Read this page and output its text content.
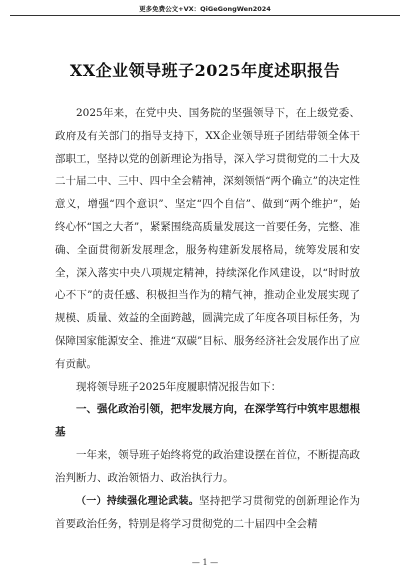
更多免费公文+VX：QiGeGongWen2024
XX企业领导班子2025年度述职报告

2025年来，在党中央、国务院的坚强领导下，在上级党委、政府及有关部门的指导支持下，XX企业领导班子团结带领全体干部职工，坚持以党的创新理论为指导，深入学习贯彻党的二十大及二十届二中、三中、四中全会精神，深刻领悟“两个确立”的决定性意义，增强“四个意识”、坚定“四个自信”、做到“两个维护”，始终心怀“国之大者”，紧紧围绕高质量发展这一首要任务，完整、准确、全面贯彻新发展理念，服务构建新发展格局，统筹发展和安全，深入落实中央八项规定精神，持续深化作风建设，以“时时放心不下”的责任感、积极担当作为的精气神，推动企业发展实现了规模、质量、效益的全面跨越，圆满完成了年度各项目标任务，为保障国家能源安全、推进“双碳”目标、服务经济社会发展作出了应有贡献。

现将领导班子2025年度履职情况报告如下：

一、强化政治引领，把牢发展方向，在深学笃行中筑牢思想根基

一年来，领导班子始终将党的政治建设摆在首位，不断提高政治判断力、政治领悟力、政治执行力。

（一）持续强化理论武装。坚持把学习贯彻党的创新理论作为首要政治任务，特别是将学习贯彻党的二十届四中全会精

— 1 —
